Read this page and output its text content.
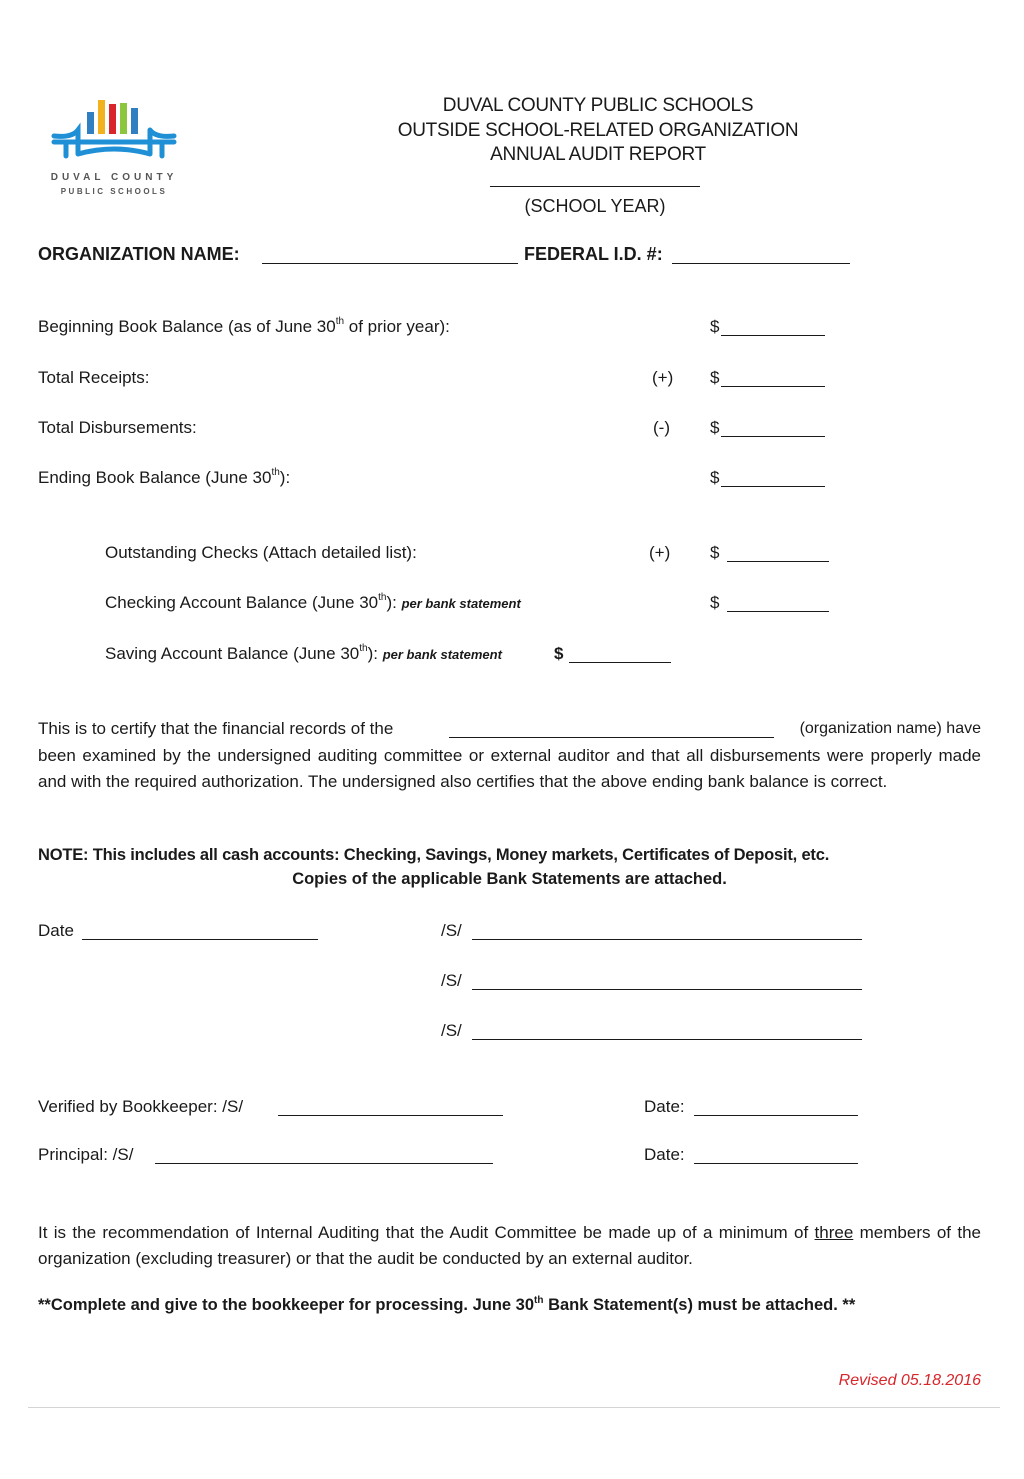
DUVAL COUNTY
PUBLIC SCHOOLS
DUVAL COUNTY PUBLIC SCHOOLS
OUTSIDE SCHOOL-RELATED ORGANIZATION
ANNUAL AUDIT REPORT
(SCHOOL YEAR)
ORGANIZATION NAME:	FEDERAL I.D. #:
Beginning Book Balance (as of June 30th of prior year):	$
Total Receipts:	(+) $
Total Disbursements:	(-) $
Ending Book Balance (June 30th):	$
Outstanding Checks (Attach detailed list):	(+) $
Checking Account Balance (June 30th): per bank statement	$
Saving Account Balance (June 30th): per bank statement	$
This is to certify that the financial records of the	(organization name) have
been examined by the undersigned auditing committee or external auditor and that all disbursements were properly made and with the required authorization. The undersigned also certifies that the above ending bank balance is correct.
NOTE: This includes all cash accounts: Checking, Savings, Money markets, Certificates of Deposit, etc.
Copies of the applicable Bank Statements are attached.
Date	/S/
/S/
/S/
Verified by Bookkeeper: /S/	Date:
Principal: /S/	Date:
It is the recommendation of Internal Auditing that the Audit Committee be made up of a minimum of three members of the organization (excluding treasurer) or that the audit be conducted by an external auditor.
**Complete and give to the bookkeeper for processing. June 30th Bank Statement(s) must be attached. **
Revised 05.18.2016
